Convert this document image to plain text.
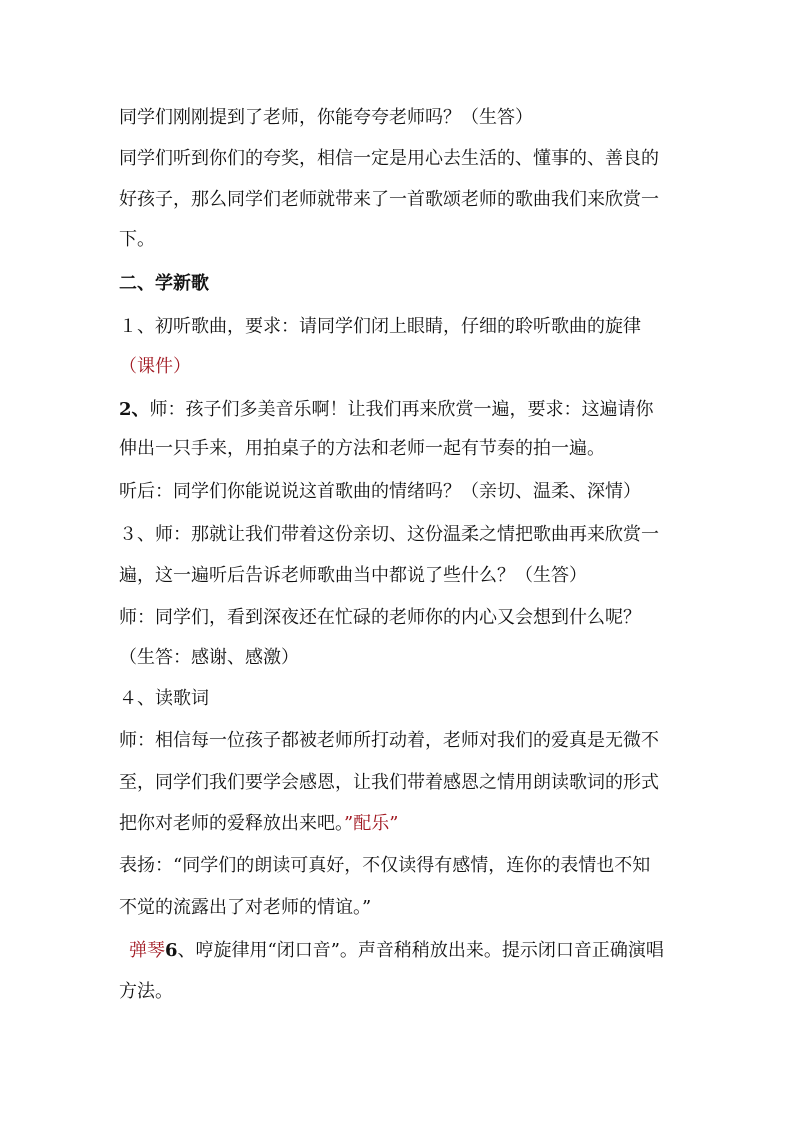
同学们刚刚提到了老师，你能夸夸老师吗？（生答）
同学们听到你们的夸奖，相信一定是用心去生活的、懂事的、善良的
好孩子，那么同学们老师就带来了一首歌颂老师的歌曲我们来欣赏一
下。
二、学新歌
１、初听歌曲，要求：请同学们闭上眼睛，仔细的聆听歌曲的旋律
（课件）
2、师：孩子们多美音乐啊！让我们再来欣赏一遍，要求：这遍请你
伸出一只手来，用拍桌子的方法和老师一起有节奏的拍一遍。
听后：同学们你能说说这首歌曲的情绪吗？（亲切、温柔、深情）
３、师：那就让我们带着这份亲切、这份温柔之情把歌曲再来欣赏一
遍，这一遍听后告诉老师歌曲当中都说了些什么？（生答）
师：同学们，看到深夜还在忙碌的老师你的内心又会想到什么呢？
（生答：感谢、感激）
４、读歌词
师：相信每一位孩子都被老师所打动着，老师对我们的爱真是无微不
至，同学们我们要学会感恩，让我们带着感恩之情用朗读歌词的形式
把你对老师的爱释放出来吧。”配乐”
表扬：“同学们的朗读可真好，不仅读得有感情，连你的表情也不知
不觉的流露出了对老师的情谊。”
弹琴6、哼旋律用“闭口音”。声音稍稍放出来。提示闭口音正确演唱
方法。
